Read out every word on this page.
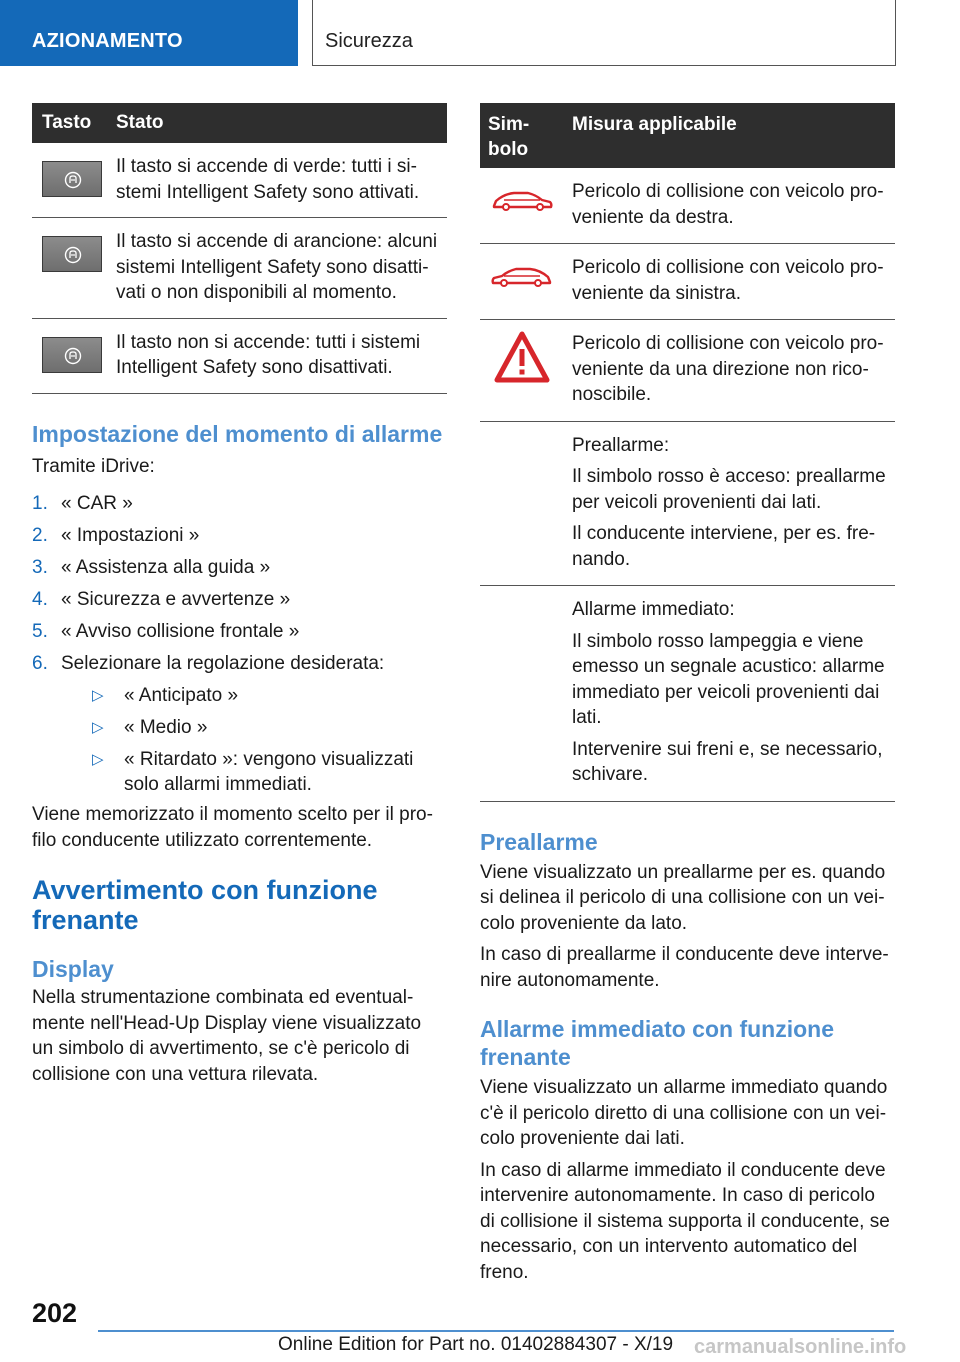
AZIONAMENTO	Sicurezza
Tasto	Stato

	Il tasto si accende di verde: tutti i sistemi Intelligent Safety sono attivati.

	Il tasto si accende di arancione: alcuni sistemi Intelligent Safety sono disattivati o non disponibili al momento.

	Il tasto non si accende: tutti i sistemi Intelligent Safety sono disattivati.
Impostazione del momento di allarme

Tramite iDrive:

1. « CAR »
2. « Impostazioni »
3. « Assistenza alla guida »
4. « Sicurezza e avvertenze »
5. « Avviso collisione frontale »
6. Selezionare la regolazione desiderata:
▷ « Anticipato »
▷ « Medio »
▷ « Ritardato »: vengono visualizzati solo allarmi immediati.

Viene memorizzato il momento scelto per il profilo conducente utilizzato correntemente.

Avvertimento con funzione frenante
Display

Nella strumentazione combinata ed eventualmente nell'Head-Up Display viene visualizzato un simbolo di avvertimento, se c'è pericolo di collisione con una vettura rilevata.

Simbolo	Misura applicabile

Pericolo di collisione con veicolo proveniente da destra.

Pericolo di collisione con veicolo proveniente da sinistra.

Pericolo di collisione con veicolo proveniente da una direzione non riconoscibile.

	Preallarme:

Il simbolo rosso è acceso: preallarme per veicoli provenienti dai lati.

Il conducente interviene, per es. frenando.

	Allarme immediato:

Il simbolo rosso lampeggia e viene emesso un segnale acustico: allarme immediato per veicoli provenienti dai lati.

Intervenire sui freni e, se necessario, schivare.

Preallarme

Viene visualizzato un preallarme per es. quando si delinea il pericolo di una collisione con un veicolo proveniente da lato.

In caso di preallarme il conducente deve intervenire autonomamente.

Allarme immediato con funzione frenante

Viene visualizzato un allarme immediato quando c'è il pericolo diretto di una collisione con un veicolo proveniente dai lati.

In caso di allarme immediato il conducente deve intervenire autonomamente. In caso di pericolo di collisione il sistema supporta il conducente, se necessario, con un intervento automatico del freno.

202
Online Edition for Part no. 01402884307 - X/19 carmanualsonline.info
